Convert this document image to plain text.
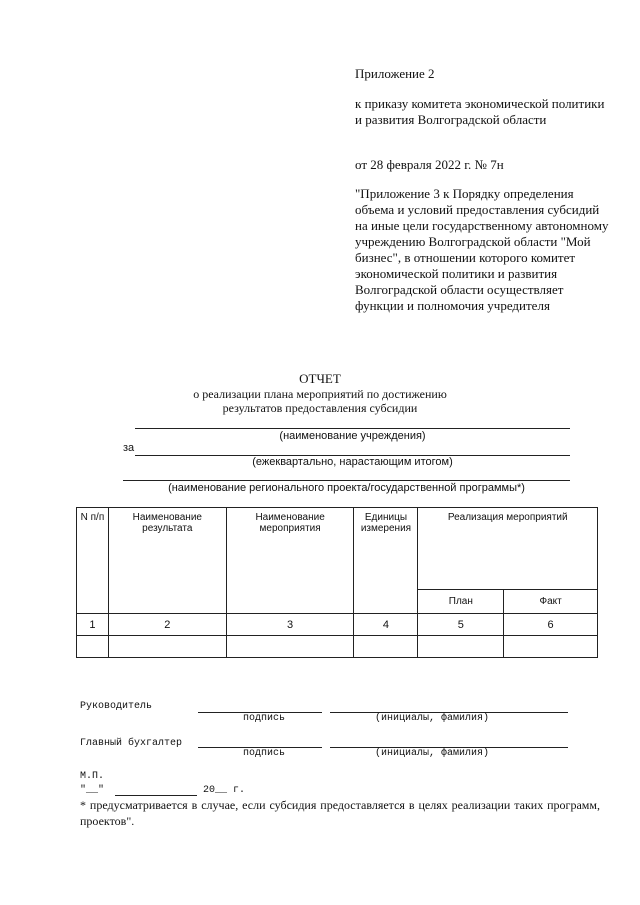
Приложение 2
к приказу комитета экономической политики и развития Волгоградской области
от 28 февраля 2022 г. № 7н
"Приложение 3 к Порядку определения объема и условий предоставления субсидий на иные цели государственному автономному учреждению Волгоградской области "Мой бизнес", в отношении которого комитет экономической политики и развития Волгоградской области осуществляет функции и полномочия учредителя
ОТЧЕТ
о реализации плана мероприятий по достижению
результатов предоставления субсидии
(наименование учреждения)
за
(ежеквартально, нарастающим итогом)
(наименование регионального проекта/государственной программы*)
N п/п	Наименование результата	Наименование мероприятия	Единицы измерения	Реализация мероприятий	
				План	Факт
1	2	3	4	5	6

Руководитель
подпись	(инициалы, фамилия)
Главный бухгалтер
подпись	(инициалы, фамилия)
М.П.
"__"	20__ г.
* предусматривается в случае, если субсидия предоставляется в целях реализации таких программ, проектов".
